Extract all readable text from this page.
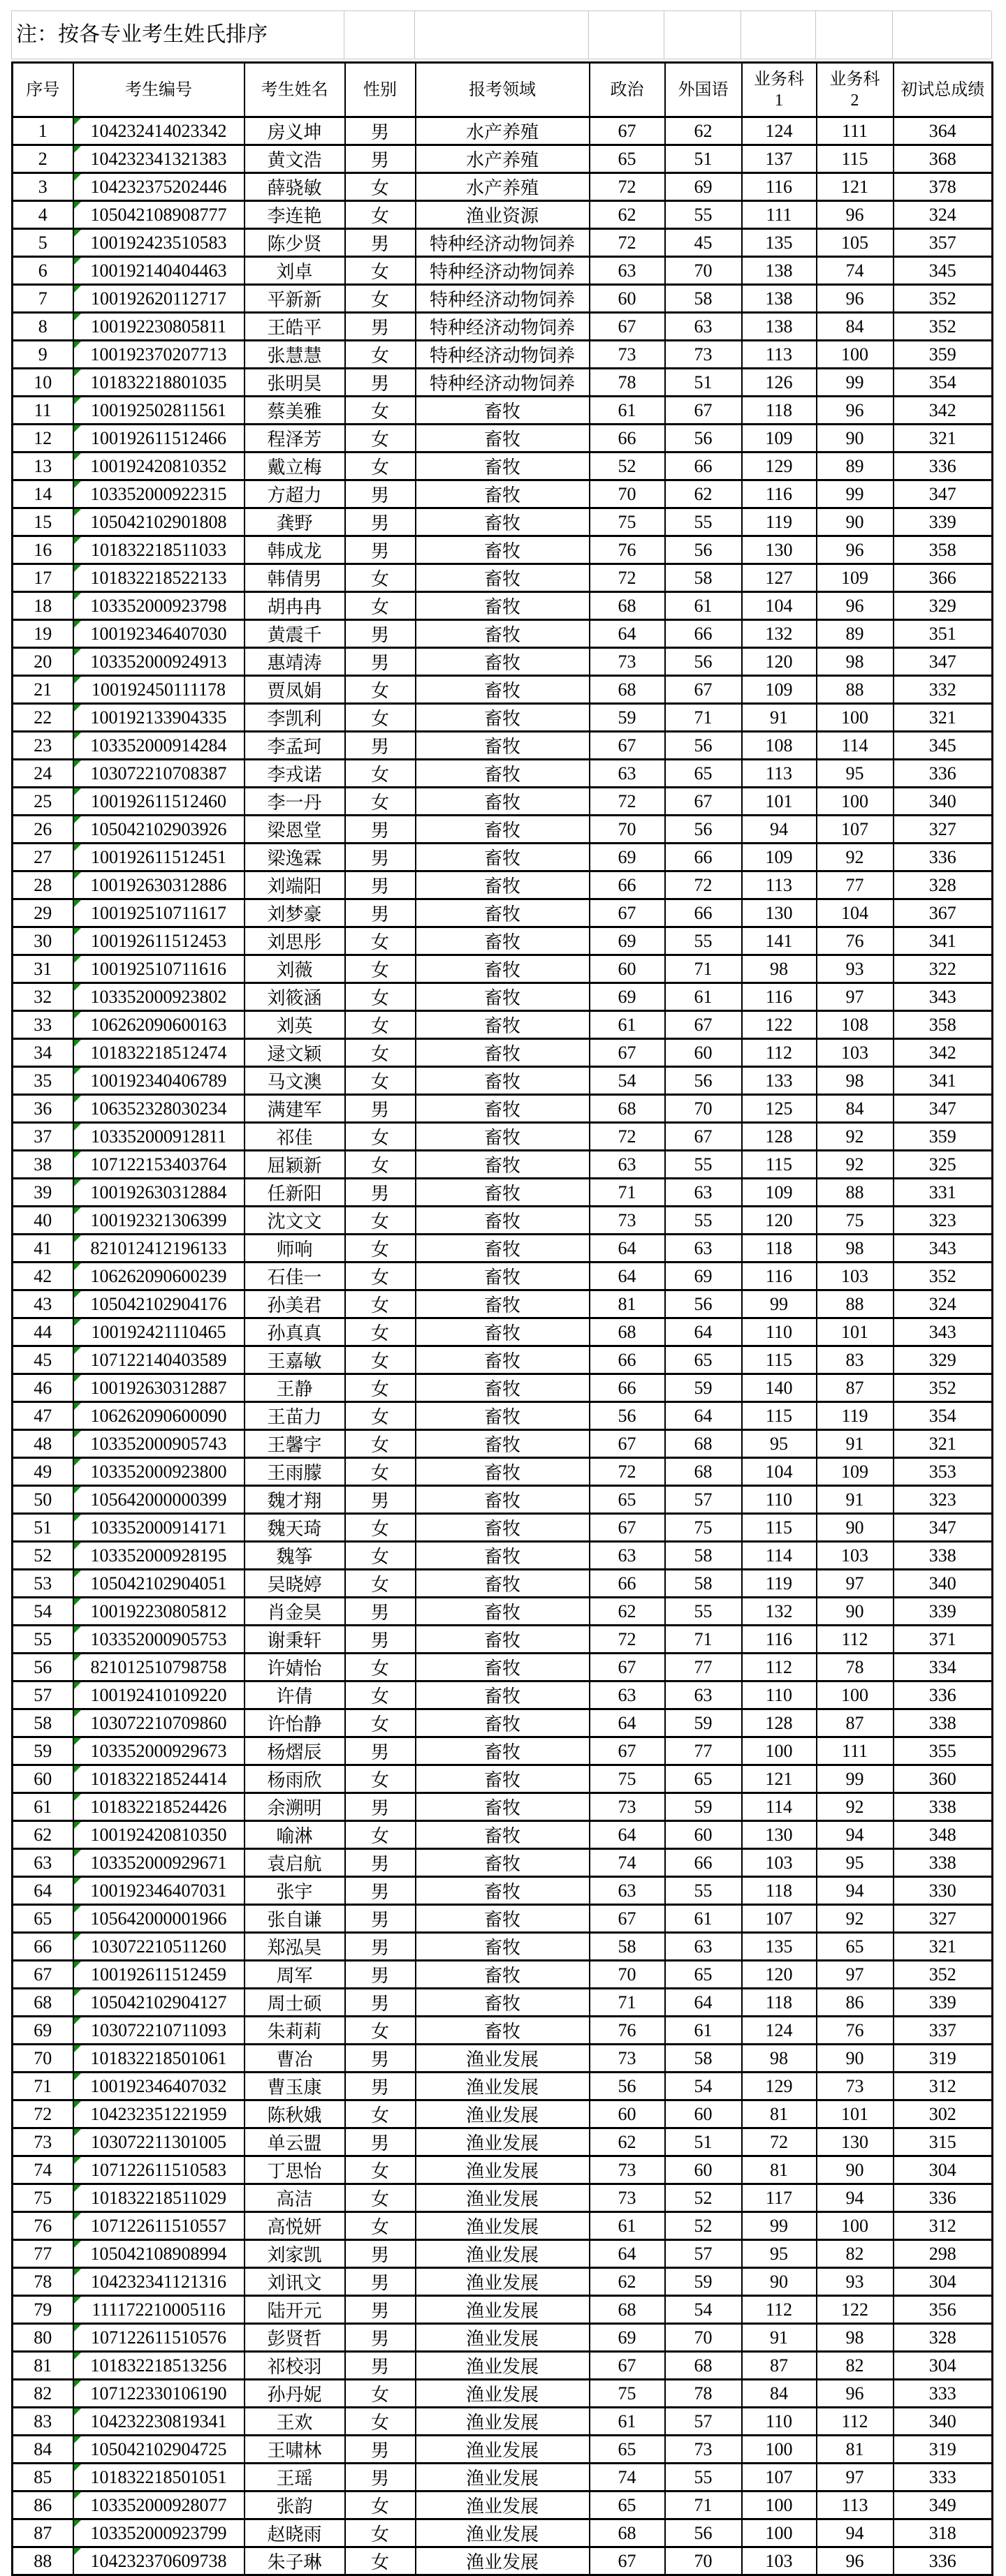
注：按各专业考生姓氏排序
序号	考生编号	考生姓名	性别	报考领域	政治	外国语	业务科1	业务科2	初试总成绩
1	104232414023342	房义坤	男	水产养殖	67	62	124	111	364
2	104232341321383	黄文浩	男	水产养殖	65	51	137	115	368
3	104232375202446	薛骁敏	女	水产养殖	72	69	116	121	378
4	105042108908777	李连艳	女	渔业资源	62	55	111	96	324
5	100192423510583	陈少贤	男	特种经济动物饲养	72	45	135	105	357
6	100192140404463	刘卓	女	特种经济动物饲养	63	70	138	74	345
7	100192620112717	平新新	女	特种经济动物饲养	60	58	138	96	352
8	100192230805811	王皓平	男	特种经济动物饲养	67	63	138	84	352
9	100192370207713	张慧慧	女	特种经济动物饲养	73	73	113	100	359
10	101832218801035	张明昊	男	特种经济动物饲养	78	51	126	99	354
11	100192502811561	蔡美雅	女	畜牧	61	67	118	96	342
12	100192611512466	程泽芳	女	畜牧	66	56	109	90	321
13	100192420810352	戴立梅	女	畜牧	52	66	129	89	336
14	103352000922315	方超力	男	畜牧	70	62	116	99	347
15	105042102901808	龚野	男	畜牧	75	55	119	90	339
16	101832218511033	韩成龙	男	畜牧	76	56	130	96	358
17	101832218522133	韩倩男	女	畜牧	72	58	127	109	366
18	103352000923798	胡冉冉	女	畜牧	68	61	104	96	329
19	100192346407030	黄震千	男	畜牧	64	66	132	89	351
20	103352000924913	惠靖涛	男	畜牧	73	56	120	98	347
21	100192450111178	贾凤娟	女	畜牧	68	67	109	88	332
22	100192133904335	李凯利	女	畜牧	59	71	91	100	321
23	103352000914284	李孟珂	男	畜牧	67	56	108	114	345
24	103072210708387	李戎诺	女	畜牧	63	65	113	95	336
25	100192611512460	李一丹	女	畜牧	72	67	101	100	340
26	105042102903926	梁恩堂	男	畜牧	70	56	94	107	327
27	100192611512451	梁逸霖	男	畜牧	69	66	109	92	336
28	100192630312886	刘端阳	男	畜牧	66	72	113	77	328
29	100192510711617	刘梦豪	男	畜牧	67	66	130	104	367
30	100192611512453	刘思彤	女	畜牧	69	55	141	76	341
31	100192510711616	刘薇	女	畜牧	60	71	98	93	322
32	103352000923802	刘筱涵	女	畜牧	69	61	116	97	343
33	106262090600163	刘英	女	畜牧	61	67	122	108	358
34	101832218512474	逯文颖	女	畜牧	67	60	112	103	342
35	100192340406789	马文澳	女	畜牧	54	56	133	98	341
36	106352328030234	满建军	男	畜牧	68	70	125	84	347
37	103352000912811	祁佳	女	畜牧	72	67	128	92	359
38	107122153403764	屈颖新	女	畜牧	63	55	115	92	325
39	100192630312884	任新阳	男	畜牧	71	63	109	88	331
40	100192321306399	沈文文	女	畜牧	73	55	120	75	323
41	821012412196133	师响	女	畜牧	64	63	118	98	343
42	106262090600239	石佳一	女	畜牧	64	69	116	103	352
43	105042102904176	孙美君	女	畜牧	81	56	99	88	324
44	100192421110465	孙真真	女	畜牧	68	64	110	101	343
45	107122140403589	王嘉敏	女	畜牧	66	65	115	83	329
46	100192630312887	王静	女	畜牧	66	59	140	87	352
47	106262090600090	王苗力	女	畜牧	56	64	115	119	354
48	103352000905743	王馨宇	女	畜牧	67	68	95	91	321
49	103352000923800	王雨朦	女	畜牧	72	68	104	109	353
50	105642000000399	魏才翔	男	畜牧	65	57	110	91	323
51	103352000914171	魏天琦	女	畜牧	67	75	115	90	347
52	103352000928195	魏筝	女	畜牧	63	58	114	103	338
53	105042102904051	吴晓婷	女	畜牧	66	58	119	97	340
54	100192230805812	肖金昊	男	畜牧	62	55	132	90	339
55	103352000905753	谢秉轩	男	畜牧	72	71	116	112	371
56	821012510798758	许婧怡	女	畜牧	67	77	112	78	334
57	100192410109220	许倩	女	畜牧	63	63	110	100	336
58	103072210709860	许怡静	女	畜牧	64	59	128	87	338
59	103352000929673	杨熠辰	男	畜牧	67	77	100	111	355
60	101832218524414	杨雨欣	女	畜牧	75	65	121	99	360
61	101832218524426	余溯明	男	畜牧	73	59	114	92	338
62	100192420810350	喻淋	女	畜牧	64	60	130	94	348
63	103352000929671	袁启航	男	畜牧	74	66	103	95	338
64	100192346407031	张宇	男	畜牧	63	55	118	94	330
65	105642000001966	张自谦	男	畜牧	67	61	107	92	327
66	103072210511260	郑泓昊	男	畜牧	58	63	135	65	321
67	100192611512459	周军	男	畜牧	70	65	120	97	352
68	105042102904127	周士硕	男	畜牧	71	64	118	86	339
69	103072210711093	朱莉莉	女	畜牧	76	61	124	76	337
70	101832218501061	曹冶	男	渔业发展	73	58	98	90	319
71	100192346407032	曹玉康	男	渔业发展	56	54	129	73	312
72	104232351221959	陈秋娥	女	渔业发展	60	60	81	101	302
73	103072211301005	单云盟	男	渔业发展	62	51	72	130	315
74	107122611510583	丁思怡	女	渔业发展	73	60	81	90	304
75	101832218511029	高洁	女	渔业发展	73	52	117	94	336
76	107122611510557	高悦妍	女	渔业发展	61	52	99	100	312
77	105042108908994	刘家凯	男	渔业发展	64	57	95	82	298
78	104232341121316	刘讯文	男	渔业发展	62	59	90	93	304
79	111172210005116	陆开元	男	渔业发展	68	54	112	122	356
80	107122611510576	彭贤哲	男	渔业发展	69	70	91	98	328
81	101832218513256	祁校羽	男	渔业发展	67	68	87	82	304
82	107122330106190	孙丹妮	女	渔业发展	75	78	84	96	333
83	104232230819341	王欢	女	渔业发展	61	57	110	112	340
84	105042102904725	王啸林	男	渔业发展	65	73	100	81	319
85	101832218501051	王瑶	男	渔业发展	74	55	107	97	333
86	103352000928077	张韵	女	渔业发展	65	71	100	113	349
87	103352000923799	赵晓雨	女	渔业发展	68	56	100	94	318
88	104232370609738	朱子琳	女	渔业发展	67	70	103	96	336
